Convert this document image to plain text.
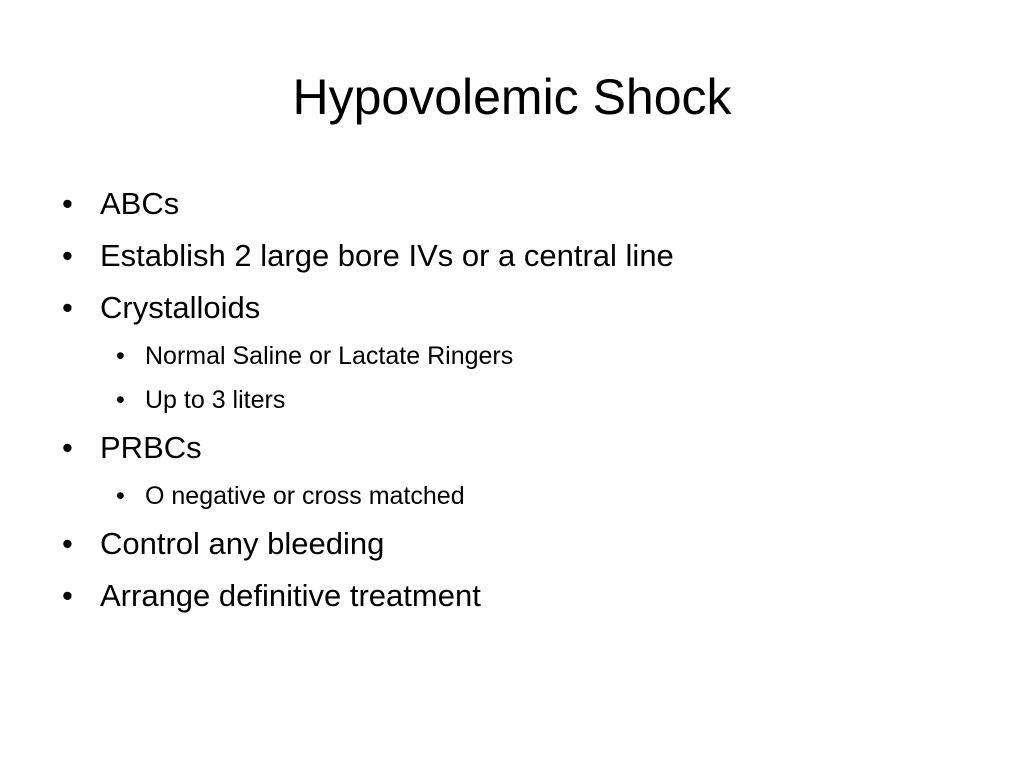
Hypovolemic Shock
• ABCs
• Establish 2 large bore IVs or a central line
• Crystalloids
• Normal Saline or Lactate Ringers
• Up to 3 liters
• PRBCs
• O negative or cross matched
• Control any bleeding
• Arrange definitive treatment
